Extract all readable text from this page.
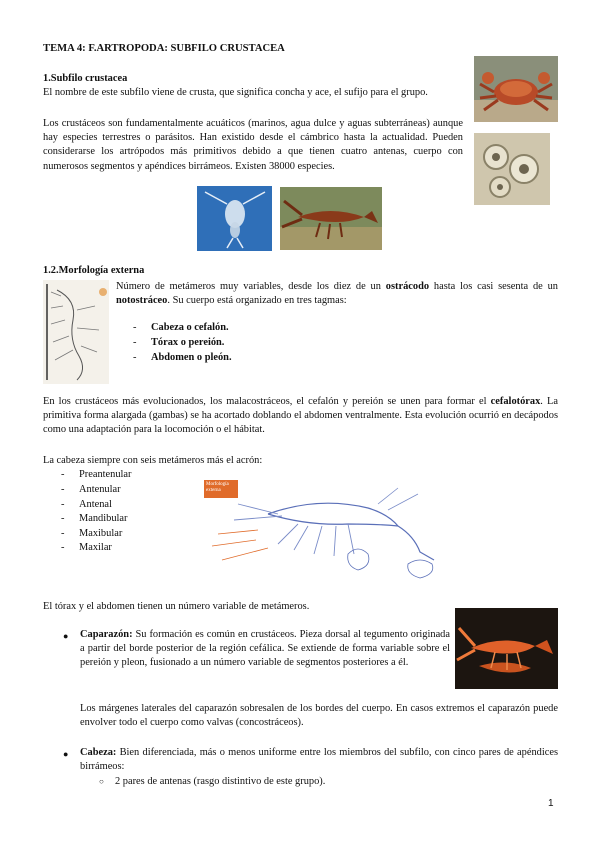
TEMA 4: F.ARTROPODA: SUBFILO CRUSTACEA
1.Subfilo crustacea
El nombre de este subfilo viene de crusta, que significa concha y ace, el sufijo para el grupo.
Los crustáceos son fundamentalmente acuáticos (marinos, agua dulce y aguas subterráneas) aunque hay especies terrestres o parásitos. Han existido desde el cámbrico hasta la actualidad. Pueden considerarse los artrópodos más primitivos debido a que tienen cuatro antenas, cuerpo con numerosos segmentos y apéndices birrámeos. Existen 38000 especies.
1.2.Morfología externa
Número de metámeros muy variables, desde los diez de un ostrácodo hasta los casi sesenta de un notostráceo. Su cuerpo está organizado en tres tagmas:
- Cabeza o cefalón.
- Tórax o pereión.
- Abdomen o pleón.
En los crustáceos más evolucionados, los malacostráceos, el cefalón y pereión se unen para formar el cefalotórax. La primitiva forma alargada (gambas) se ha acortado doblando el abdomen ventralmente. Esta evolución ocurrió en decápodos como una adaptación para la locomoción o el hábitat.
La cabeza siempre con seis metámeros más el acrón:
- Preantenular
- Antenular
- Antenal
- Mandibular
- Maxibular
- Maxilar
Morfología externa
El tórax y el abdomen tienen un número variable de metámeros.
● Caparazón: Su formación es común en crustáceos. Pieza dorsal al tegumento originada a partir del borde posterior de la región cefálica. Se extiende de forma variable sobre el pereión y pleon, fusionado a un número variable de segmentos posteriores a él.
Los márgenes laterales del caparazón sobresalen de los bordes del cuerpo. En casos extremos el caparazón puede envolver todo el cuerpo como valvas (concostráceos).
● Cabeza: Bien diferenciada, más o menos uniforme entre los miembros del subfilo, con cinco pares de apéndices birrámeos:
○ 2 pares de antenas (rasgo distintivo de este grupo).
1
